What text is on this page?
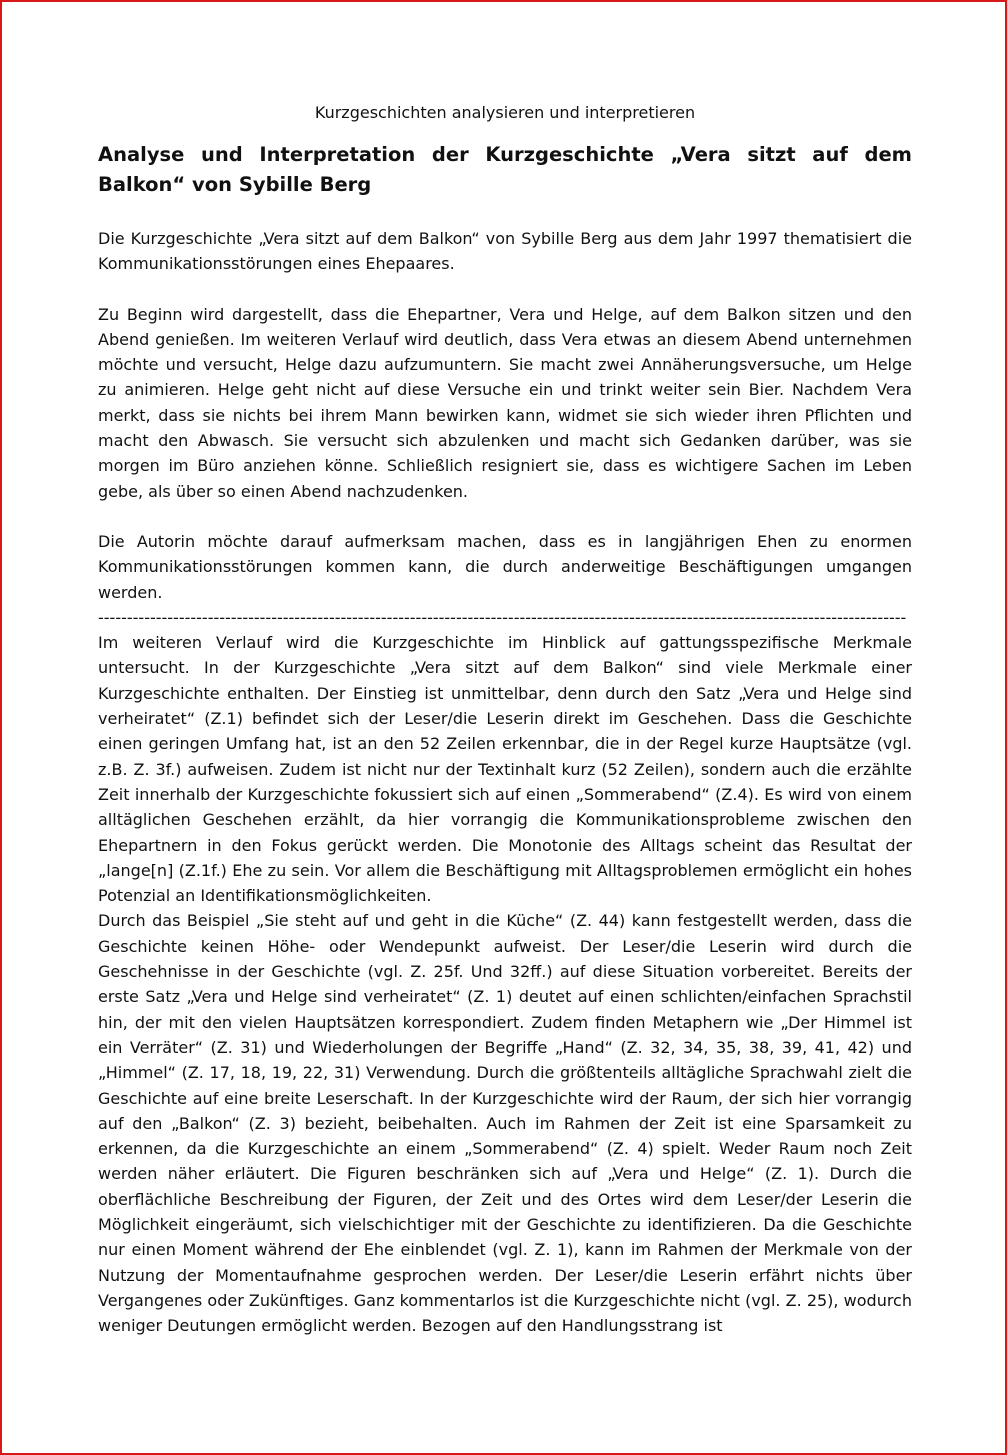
Kurzgeschichten analysieren und interpretieren
Analyse und Interpretation der Kurzgeschichte „Vera sitzt auf dem Balkon“ von Sybille Berg

Die Kurzgeschichte „Vera sitzt auf dem Balkon“ von Sybille Berg aus dem Jahr 1997 thematisiert die Kommunikationsstörungen eines Ehepaares.

Zu Beginn wird dargestellt, dass die Ehepartner, Vera und Helge, auf dem Balkon sitzen und den Abend genießen. Im weiteren Verlauf wird deutlich, dass Vera etwas an diesem Abend unternehmen möchte und versucht, Helge dazu aufzumuntern. Sie macht zwei Annäherungsversuche, um Helge zu animieren. Helge geht nicht auf diese Versuche ein und trinkt weiter sein Bier. Nachdem Vera merkt, dass sie nichts bei ihrem Mann bewirken kann, widmet sie sich wieder ihren Pflichten und macht den Abwasch. Sie versucht sich abzulenken und macht sich Gedanken darüber, was sie morgen im Büro anziehen könne. Schließlich resigniert sie, dass es wichtigere Sachen im Leben gebe, als über so einen Abend nachzudenken.

Die Autorin möchte darauf aufmerksam machen, dass es in langjährigen Ehen zu enormen Kommunikationsstörungen kommen kann, die durch anderweitige Beschäftigungen umgangen werden.

--------------------------------------------------------------------------------------------------------------------------------------------

Im weiteren Verlauf wird die Kurzgeschichte im Hinblick auf gattungsspezifische Merkmale untersucht. In der Kurzgeschichte „Vera sitzt auf dem Balkon“ sind viele Merkmale einer Kurzgeschichte enthalten. Der Einstieg ist unmittelbar, denn durch den Satz „Vera und Helge sind verheiratet“ (Z.1) befindet sich der Leser/die Leserin direkt im Geschehen. Dass die Geschichte einen geringen Umfang hat, ist an den 52 Zeilen erkennbar, die in der Regel kurze Hauptsätze (vgl. z.B. Z. 3f.) aufweisen. Zudem ist nicht nur der Textinhalt kurz (52 Zeilen), sondern auch die erzählte Zeit innerhalb der Kurzgeschichte fokussiert sich auf einen „Sommerabend“ (Z.4). Es wird von einem alltäglichen Geschehen erzählt, da hier vorrangig die Kommunikationsprobleme zwischen den Ehepartnern in den Fokus gerückt werden. Die Monotonie des Alltags scheint das Resultat der „lange[n] (Z.1f.) Ehe zu sein. Vor allem die Beschäftigung mit Alltagsproblemen ermöglicht ein hohes Potenzial an Identifikationsmöglichkeiten.

Durch das Beispiel „Sie steht auf und geht in die Küche“ (Z. 44) kann festgestellt werden, dass die Geschichte keinen Höhe- oder Wendepunkt aufweist. Der Leser/die Leserin wird durch die Geschehnisse in der Geschichte (vgl. Z. 25f. Und 32ff.) auf diese Situation vorbereitet. Bereits der erste Satz „Vera und Helge sind verheiratet“ (Z. 1) deutet auf einen schlichten/einfachen Sprachstil hin, der mit den vielen Hauptsätzen korrespondiert. Zudem finden Metaphern wie „Der Himmel ist ein Verräter“ (Z. 31) und Wiederholungen der Begriffe „Hand“ (Z. 32, 34, 35, 38, 39, 41, 42) und „Himmel“ (Z. 17, 18, 19, 22, 31) Verwendung. Durch die größtenteils alltägliche Sprachwahl zielt die Geschichte auf eine breite Leserschaft. In der Kurzgeschichte wird der Raum, der sich hier vorrangig auf den „Balkon“ (Z. 3) bezieht, beibehalten. Auch im Rahmen der Zeit ist eine Sparsamkeit zu erkennen, da die Kurzgeschichte an einem „Sommerabend“ (Z. 4) spielt. Weder Raum noch Zeit werden näher erläutert. Die Figuren beschränken sich auf „Vera und Helge“ (Z. 1). Durch die oberflächliche Beschreibung der Figuren, der Zeit und des Ortes wird dem Leser/der Leserin die Möglichkeit eingeräumt, sich vielschichtiger mit der Geschichte zu identifizieren. Da die Geschichte nur einen Moment während der Ehe einblendet (vgl. Z. 1), kann im Rahmen der Merkmale von der Nutzung der Momentaufnahme gesprochen werden. Der Leser/die Leserin erfährt nichts über Vergangenes oder Zukünftiges. Ganz kommentarlos ist die Kurzgeschichte nicht (vgl. Z. 25), wodurch weniger Deutungen ermöglicht werden. Bezogen auf den Handlungsstrang ist
